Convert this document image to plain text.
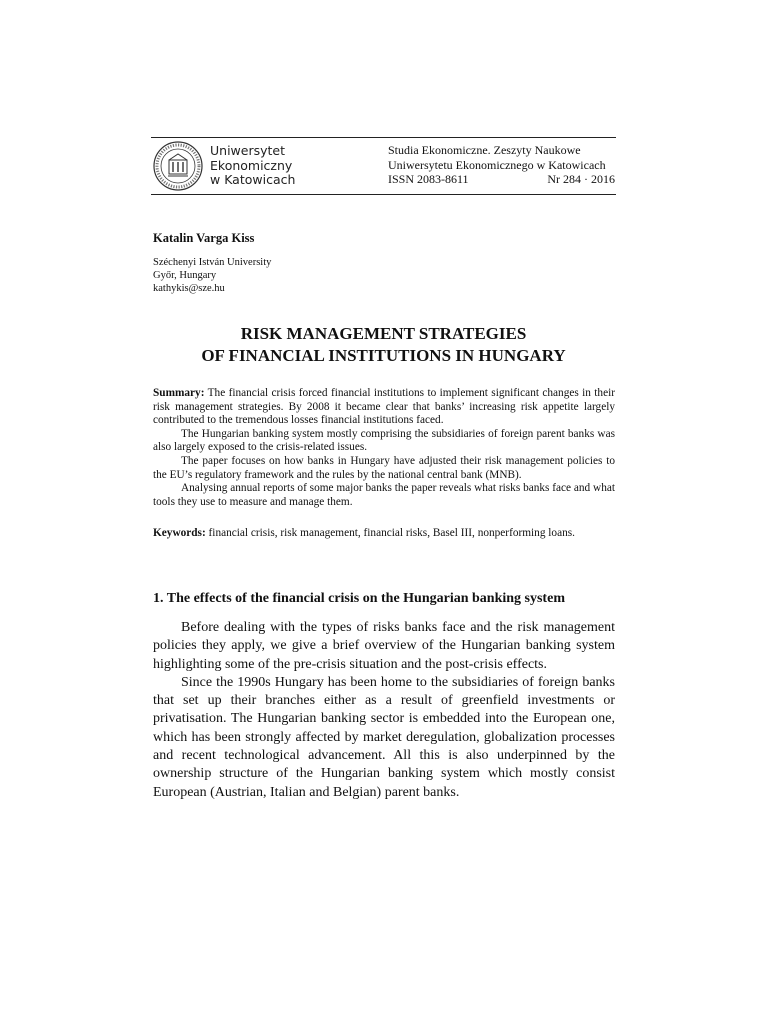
Uniwersytet
Ekonomiczny
w Katowicach
Studia Ekonomiczne. Zeszyty Naukowe
Uniwersytetu Ekonomicznego w Katowicach
ISSN 2083-8611	Nr 284 · 2016
Katalin Varga Kiss
Széchenyi István University
Győr, Hungary
kathykis@sze.hu
RISK MANAGEMENT STRATEGIES
OF FINANCIAL INSTITUTIONS IN HUNGARY

Summary: The financial crisis forced financial institutions to implement significant changes in their risk management strategies. By 2008 it became clear that banks’ increasing risk appetite largely contributed to the tremendous losses financial institutions faced.

The Hungarian banking system mostly comprising the subsidiaries of foreign parent banks was also largely exposed to the crisis-related issues.

The paper focuses on how banks in Hungary have adjusted their risk management policies to the EU’s regulatory framework and the rules by the national central bank (MNB).

Analysing annual reports of some major banks the paper reveals what risks banks face and what tools they use to measure and manage them.

Keywords: financial crisis, risk management, financial risks, Basel III, nonperforming loans.
1. The effects of the financial crisis on the Hungarian banking system

Before dealing with the types of risks banks face and the risk management policies they apply, we give a brief overview of the Hungarian banking system highlighting some of the pre-crisis situation and the post-crisis effects.

Since the 1990s Hungary has been home to the subsidiaries of foreign banks that set up their branches either as a result of greenfield investments or privatisation. The Hungarian banking sector is embedded into the European one, which has been strongly affected by market deregulation, globalization processes and recent technological advancement. All this is also underpinned by the ownership structure of the Hungarian banking system which mostly consist European (Austrian, Italian and Belgian) parent banks.
